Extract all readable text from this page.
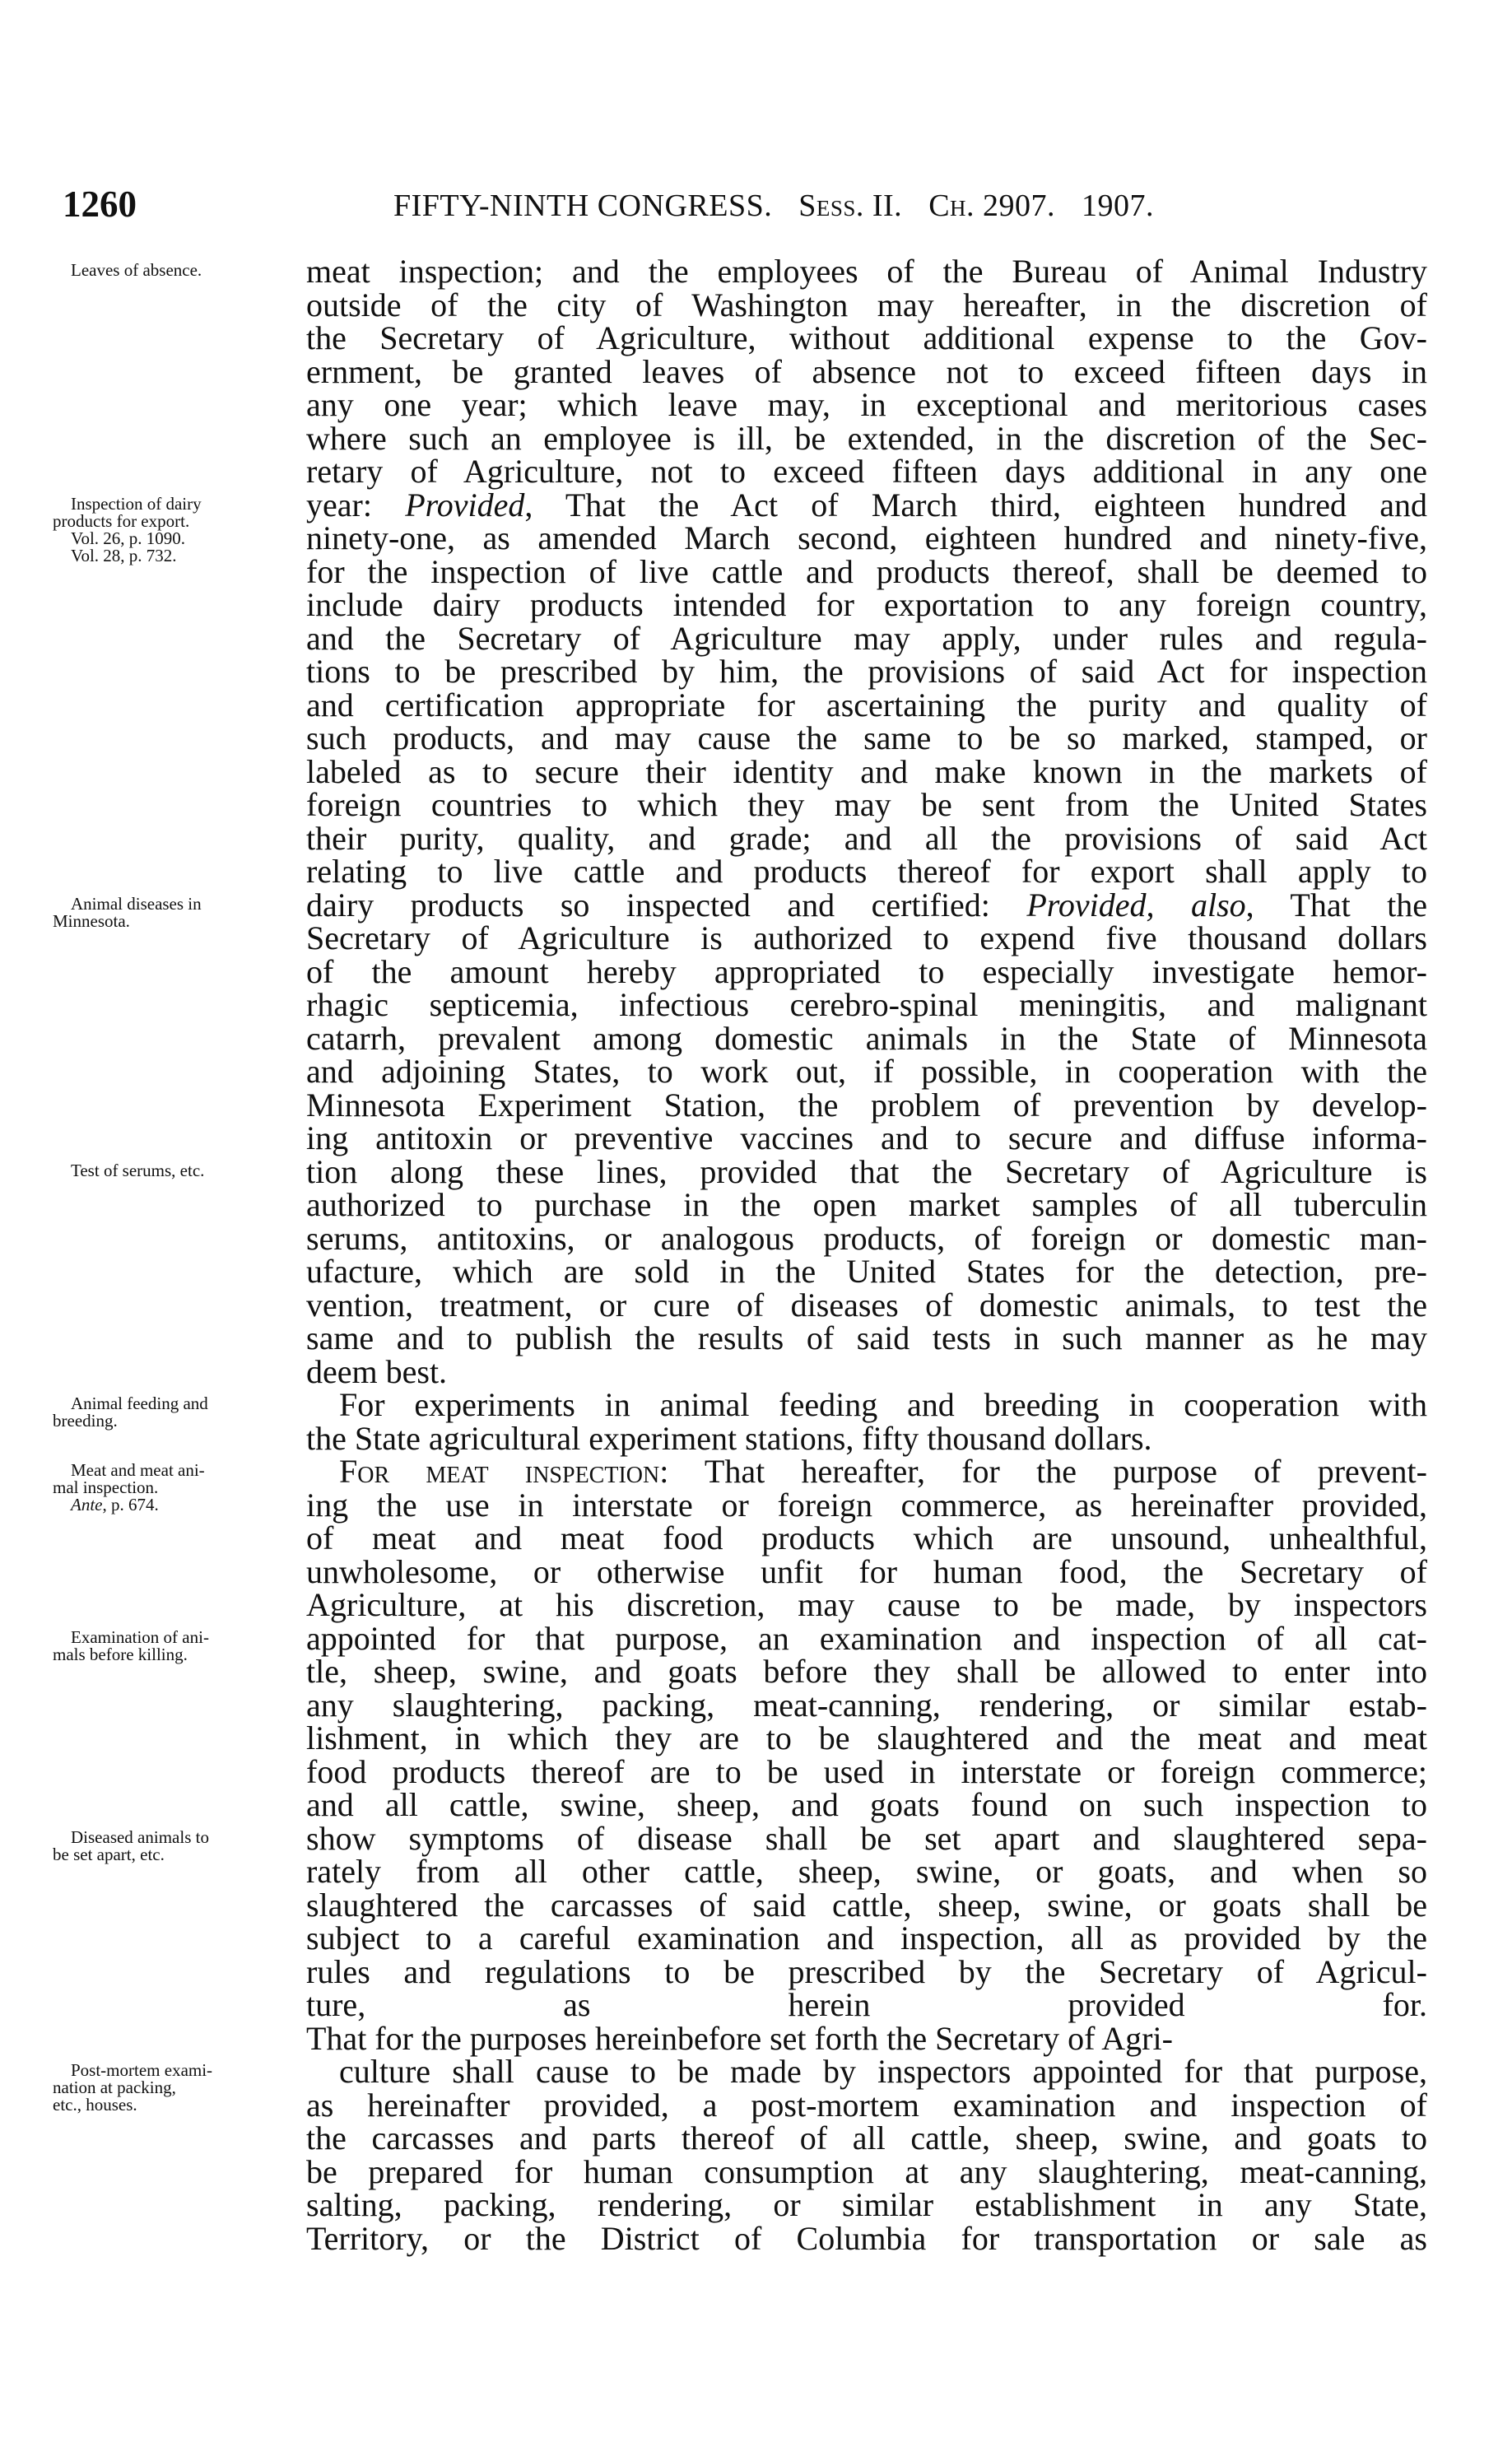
1260	FIFTY-NINTH CONGRESS. Sess. II. Ch. 2907. 1907.
meat inspection; and the employees of the Bureau of Animal Industry
outside of the city of Washington may hereafter, in the discretion of
the Secretary of Agriculture, without additional expense to the Gov-
ernment, be granted leaves of absence not to exceed fifteen days in
any one year; which leave may, in exceptional and meritorious cases
where such an employee is ill, be extended, in the discretion of the Sec-
retary of Agriculture, not to exceed fifteen days additional in any one
year: Provided, That the Act of March third, eighteen hundred and
ninety-one, as amended March second, eighteen hundred and ninety-five,
for the inspection of live cattle and products thereof, shall be deemed to
include dairy products intended for exportation to any foreign country,
and the Secretary of Agriculture may apply, under rules and regula-
tions to be prescribed by him, the provisions of said Act for inspection
and certification appropriate for ascertaining the purity and quality of
such products, and may cause the same to be so marked, stamped, or
labeled as to secure their identity and make known in the markets of
foreign countries to which they may be sent from the United States
their purity, quality, and grade; and all the provisions of said Act
relating to live cattle and products thereof for export shall apply to
dairy products so inspected and certified: Provided, also, That the
Secretary of Agriculture is authorized to expend five thousand dollars
of the amount hereby appropriated to especially investigate hemor-
rhagic septicemia, infectious cerebro-spinal meningitis, and malignant
catarrh, prevalent among domestic animals in the State of Minnesota
and adjoining States, to work out, if possible, in cooperation with the
Minnesota Experiment Station, the problem of prevention by develop-
ing antitoxin or preventive vaccines and to secure and diffuse informa-
tion along these lines, provided that the Secretary of Agriculture is
authorized to purchase in the open market samples of all tuberculin
serums, antitoxins, or analogous products, of foreign or domestic man-
ufacture, which are sold in the United States for the detection, pre-
vention, treatment, or cure of diseases of domestic animals, to test the
same and to publish the results of said tests in such manner as he may
deem best.
For experiments in animal feeding and breeding in cooperation with
the State agricultural experiment stations, fifty thousand dollars.
For meat inspection: That hereafter, for the purpose of prevent-
ing the use in interstate or foreign commerce, as hereinafter provided,
of meat and meat food products which are unsound, unhealthful,
unwholesome, or otherwise unfit for human food, the Secretary of
Agriculture, at his discretion, may cause to be made, by inspectors
appointed for that purpose, an examination and inspection of all cat-
tle, sheep, swine, and goats before they shall be allowed to enter into
any slaughtering, packing, meat-canning, rendering, or similar estab-
lishment, in which they are to be slaughtered and the meat and meat
food products thereof are to be used in interstate or foreign commerce;
and all cattle, swine, sheep, and goats found on such inspection to
show symptoms of disease shall be set apart and slaughtered sepa-
rately from all other cattle, sheep, swine, or goats, and when so
slaughtered the carcasses of said cattle, sheep, swine, or goats shall be
subject to a careful examination and inspection, all as provided by the
rules and regulations to be prescribed by the Secretary of Agricul-
ture, as herein provided for.
That for the purposes hereinbefore set forth the Secretary of Agri-
culture shall cause to be made by inspectors appointed for that purpose,
as hereinafter provided, a post-mortem examination and inspection of
the carcasses and parts thereof of all cattle, sheep, swine, and goats to
be prepared for human consumption at any slaughtering, meat-canning,
salting, packing, rendering, or similar establishment in any State,
Territory, or the District of Columbia for transportation or sale as
Leaves of absence.
Inspection of dairy
products for export.
Vol. 26, p. 1090.
Vol. 28, p. 732.
Animal diseases in
Minnesota.
Test of serums, etc.
Animal feeding and
breeding.
Meat and meat ani-
mal inspection.
Ante, p. 674.
Examination of ani-
mals before killing.
Diseased animals to
be set apart, etc.
Post-mortem exami-
nation at packing,
etc., houses.
